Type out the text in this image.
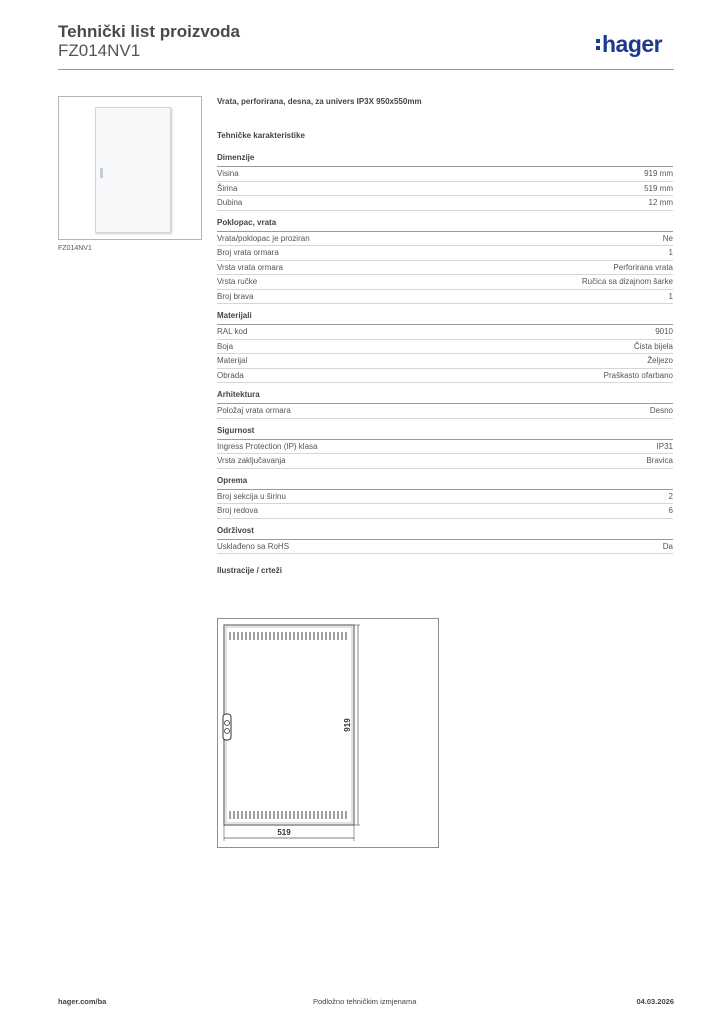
Tehnički list proizvoda
FZ014NV1	hager
FZ014NV1
Vrata, perforirana, desna, za univers IP3X 950x550mm
Tehničke karakteristike
Dimenzije
Visina	919 mm
Širina	519 mm
Dubina	12 mm
Poklopac, vrata
Vrata/poklopac je proziran	Ne
Broj vrata ormara	1
Vrsta vrata ormara	Perforirana vrata
Vrsta ručke	Ručica sa dizajnom šarke
Broj brava	1
Materijali
RAL kod	9010
Boja	Čista bijela
Materijal	Željezo
Obrada	Praškasto ofarbano
Arhitektura
Položaj vrata ormara	Desno
Sigurnost
Ingress Protection (IP) klasa	IP31
Vrsta zaključavanja	Bravica
Oprema
Broj sekcija u širinu	2
Broj redova	6
Održivost
Usklađeno sa RoHS	Da
Ilustracije / crteži
919
519
hager.com/ba	Podložno tehničkim izmjenama	04.03.2026
